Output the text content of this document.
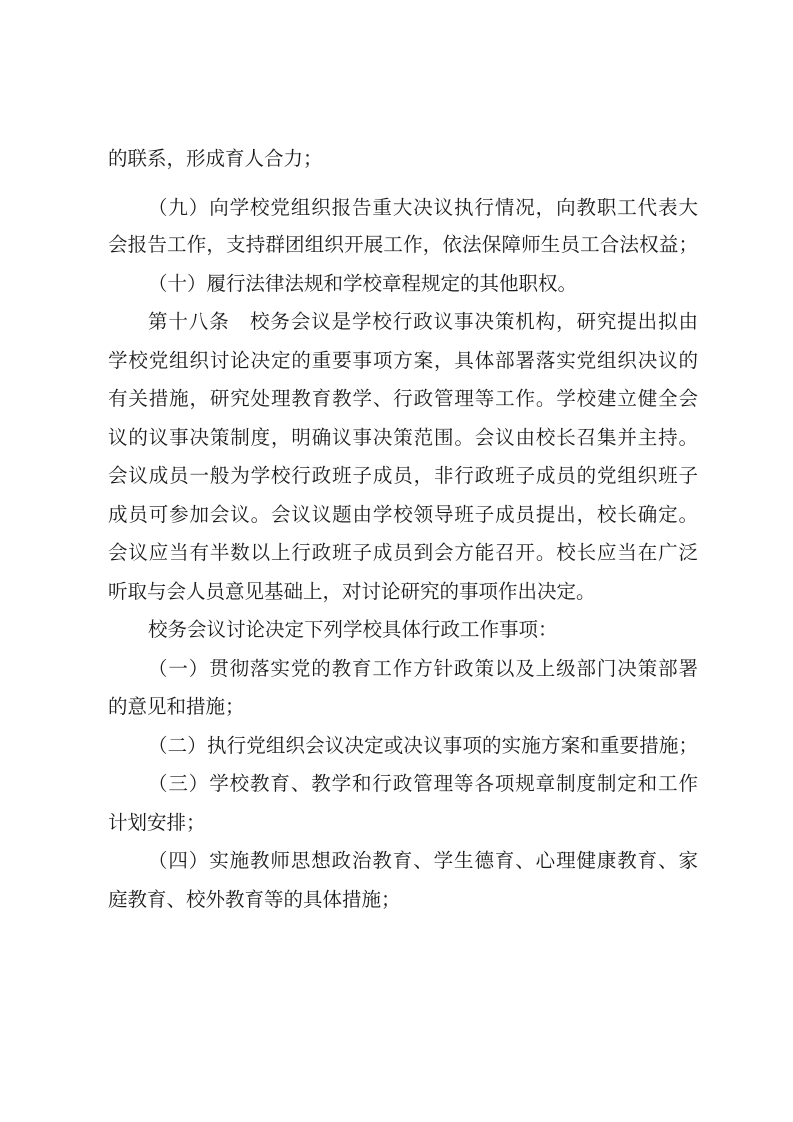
的联系，形成育人合力；
（九）向学校党组织报告重大决议执行情况，向教职工代表大
会报告工作，支持群团组织开展工作，依法保障师生员工合法权益；
（十）履行法律法规和学校章程规定的其他职权。
第十八条　校务会议是学校行政议事决策机构，研究提出拟由
学校党组织讨论决定的重要事项方案，具体部署落实党组织决议的
有关措施，研究处理教育教学、行政管理等工作。学校建立健全会
议的议事决策制度，明确议事决策范围。会议由校长召集并主持。
会议成员一般为学校行政班子成员，非行政班子成员的党组织班子
成员可参加会议。会议议题由学校领导班子成员提出，校长确定。
会议应当有半数以上行政班子成员到会方能召开。校长应当在广泛
听取与会人员意见基础上，对讨论研究的事项作出决定。
校务会议讨论决定下列学校具体行政工作事项：
（一）贯彻落实党的教育工作方针政策以及上级部门决策部署
的意见和措施；
（二）执行党组织会议决定或决议事项的实施方案和重要措施；
（三）学校教育、教学和行政管理等各项规章制度制定和工作
计划安排；
（四）实施教师思想政治教育、学生德育、心理健康教育、家
庭教育、校外教育等的具体措施；
